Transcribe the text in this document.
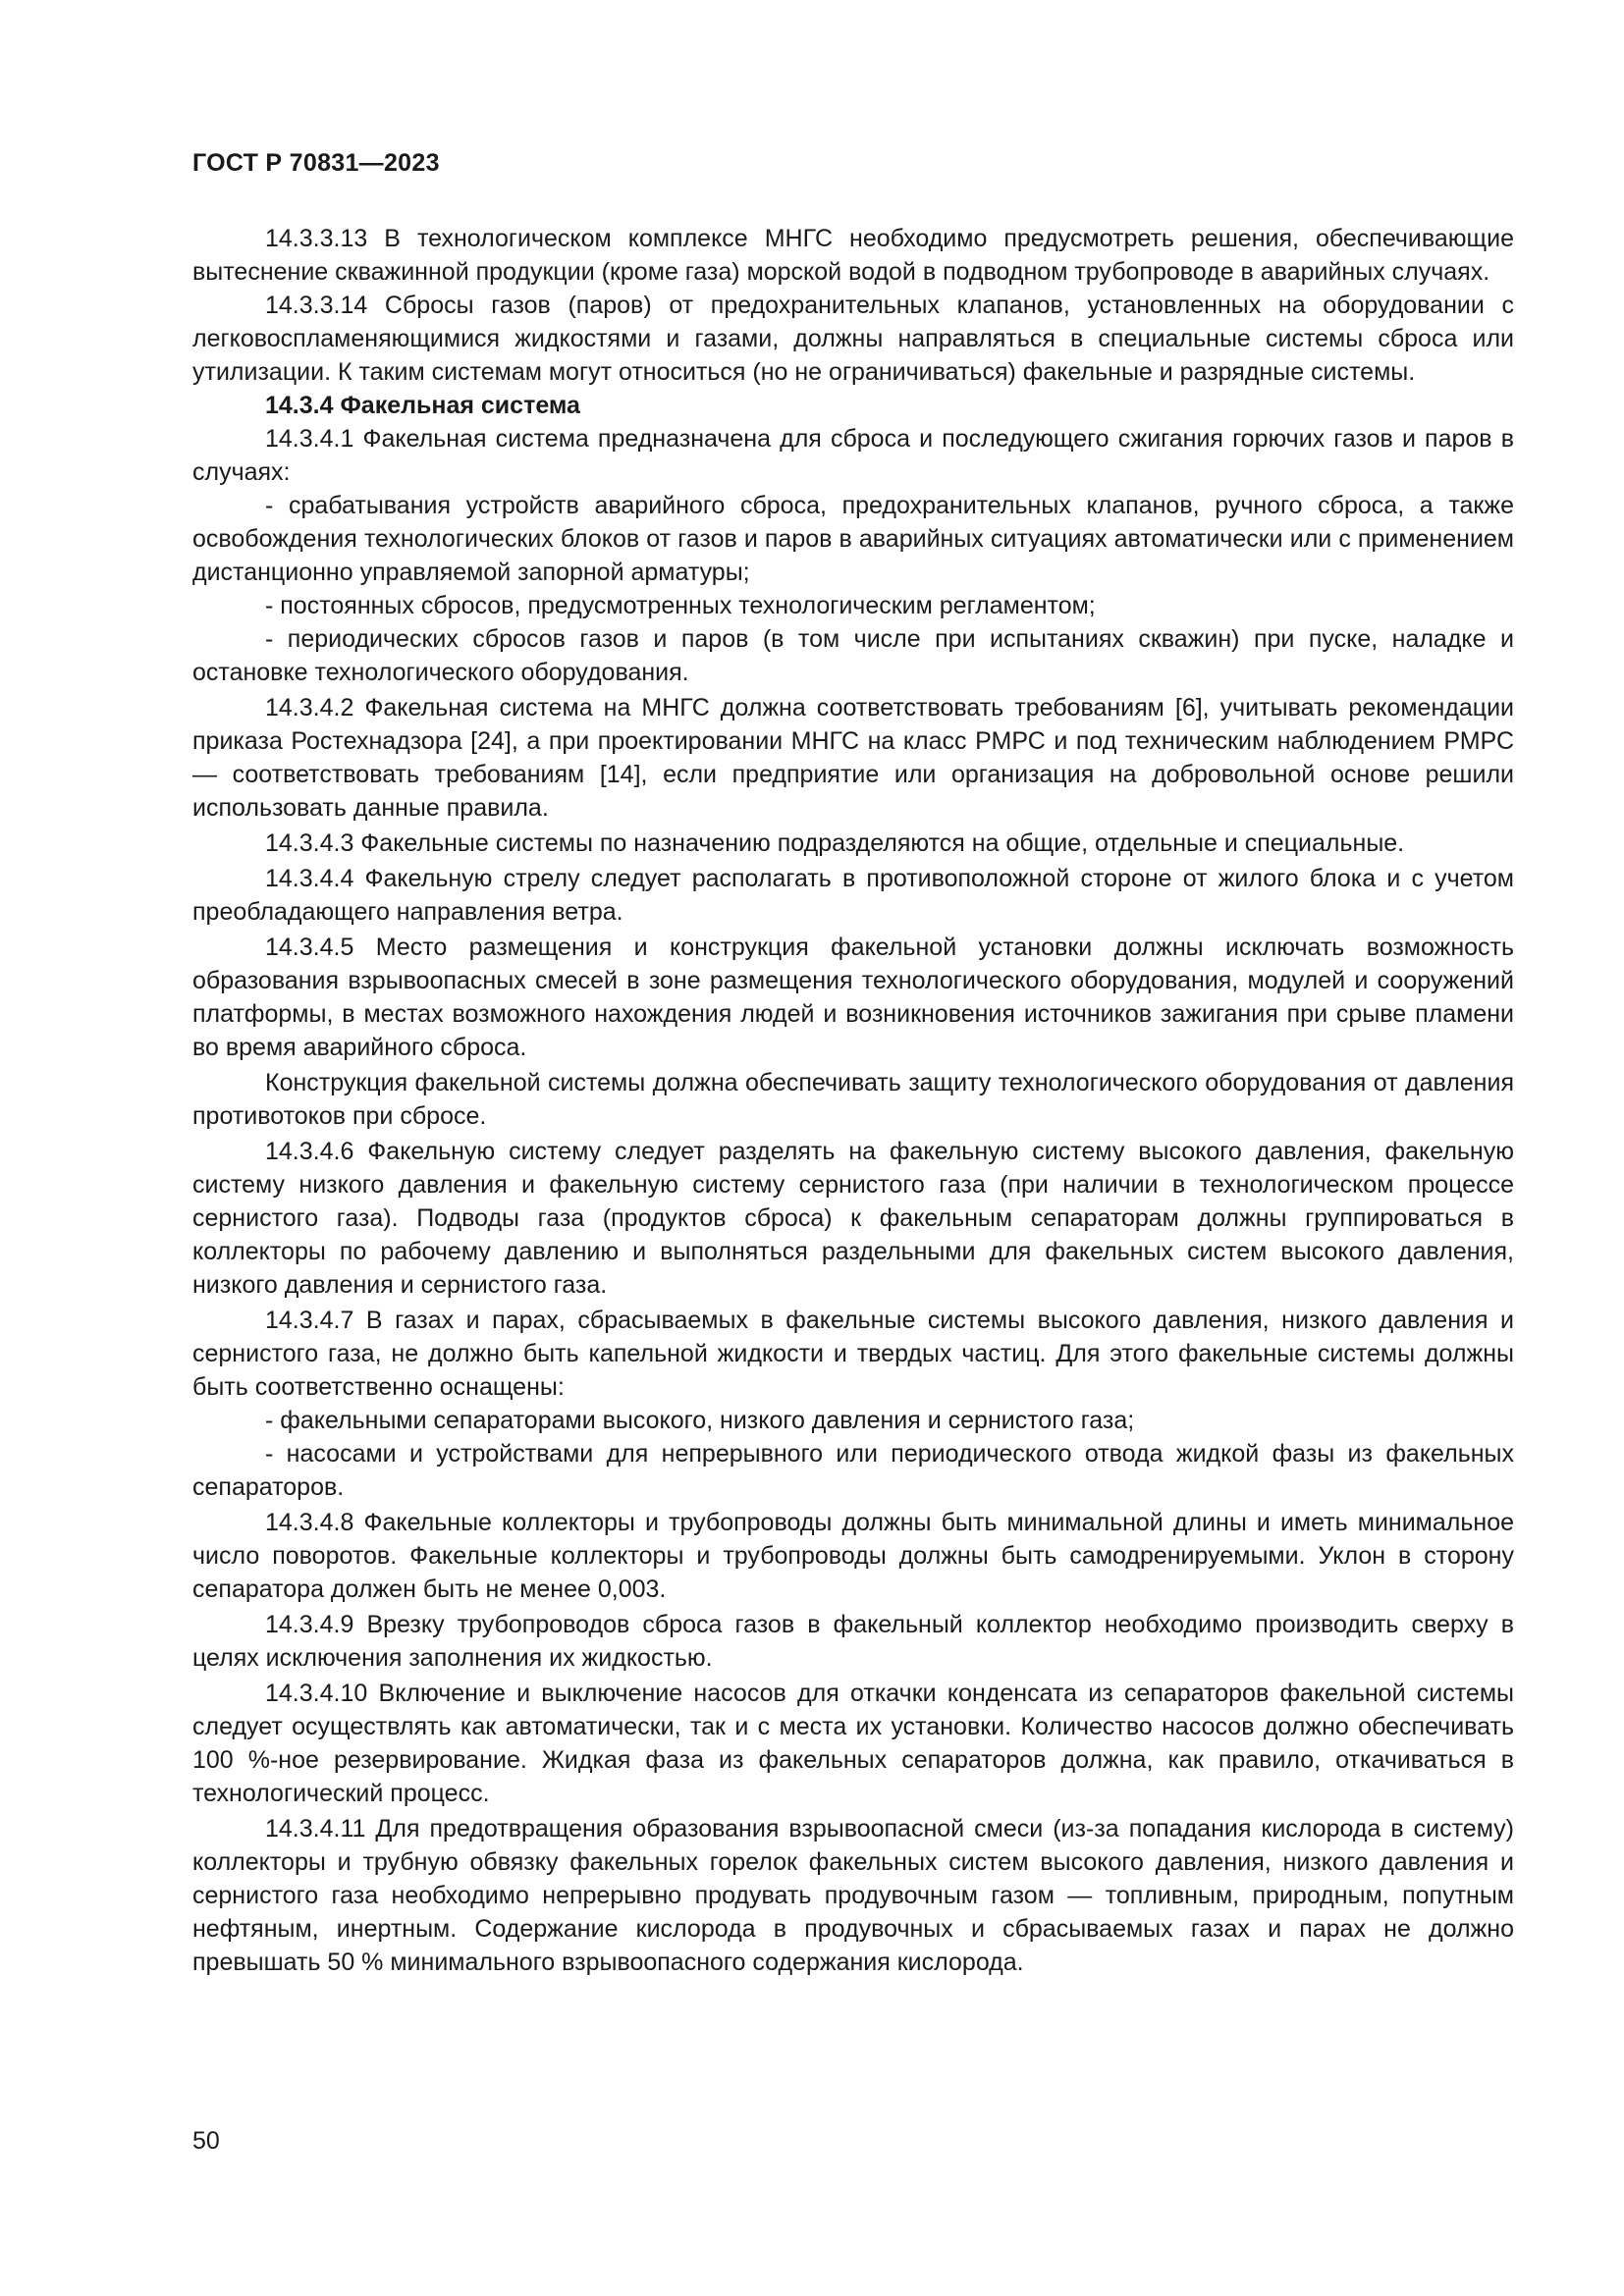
ГОСТ Р 70831—2023

14.3.3.13 В технологическом комплексе МНГС необходимо предусмотреть решения, обеспечивающие вытеснение скважинной продукции (кроме газа) морской водой в подводном трубопроводе в аварийных случаях.

14.3.3.14 Сбросы газов (паров) от предохранительных клапанов, установленных на оборудовании с легковоспламеняющимися жидкостями и газами, должны направляться в специальные системы сброса или утилизации. К таким системам могут относиться (но не ограничиваться) факельные и разрядные системы.

14.3.4 Факельная система

14.3.4.1 Факельная система предназначена для сброса и последующего сжигания горючих газов и паров в случаях:

- срабатывания устройств аварийного сброса, предохранительных клапанов, ручного сброса, а также освобождения технологических блоков от газов и паров в аварийных ситуациях автоматически или с применением дистанционно управляемой запорной арматуры;

- постоянных сбросов, предусмотренных технологическим регламентом;

- периодических сбросов газов и паров (в том числе при испытаниях скважин) при пуске, наладке и остановке технологического оборудования.

14.3.4.2 Факельная система на МНГС должна соответствовать требованиям [6], учитывать рекомендации приказа Ростехнадзора [24], а при проектировании МНГС на класс РМРС и под техническим наблюдением РМРС — соответствовать требованиям [14], если предприятие или организация на добровольной основе решили использовать данные правила.

14.3.4.3 Факельные системы по назначению подразделяются на общие, отдельные и специальные.

14.3.4.4 Факельную стрелу следует располагать в противоположной стороне от жилого блока и с учетом преобладающего направления ветра.

14.3.4.5 Место размещения и конструкция факельной установки должны исключать возможность образования взрывоопасных смесей в зоне размещения технологического оборудования, модулей и сооружений платформы, в местах возможного нахождения людей и возникновения источников зажигания при срыве пламени во время аварийного сброса.

Конструкция факельной системы должна обеспечивать защиту технологического оборудования от давления противотоков при сбросе.

14.3.4.6 Факельную систему следует разделять на факельную систему высокого давления, факельную систему низкого давления и факельную систему сернистого газа (при наличии в технологическом процессе сернистого газа). Подводы газа (продуктов сброса) к факельным сепараторам должны группироваться в коллекторы по рабочему давлению и выполняться раздельными для факельных систем высокого давления, низкого давления и сернистого газа.

14.3.4.7 В газах и парах, сбрасываемых в факельные системы высокого давления, низкого давления и сернистого газа, не должно быть капельной жидкости и твердых частиц. Для этого факельные системы должны быть соответственно оснащены:

- факельными сепараторами высокого, низкого давления и сернистого газа;

- насосами и устройствами для непрерывного или периодического отвода жидкой фазы из факельных сепараторов.

14.3.4.8 Факельные коллекторы и трубопроводы должны быть минимальной длины и иметь минимальное число поворотов. Факельные коллекторы и трубопроводы должны быть самодренируемыми. Уклон в сторону сепаратора должен быть не менее 0,003.

14.3.4.9 Врезку трубопроводов сброса газов в факельный коллектор необходимо производить сверху в целях исключения заполнения их жидкостью.

14.3.4.10 Включение и выключение насосов для откачки конденсата из сепараторов факельной системы следует осуществлять как автоматически, так и с места их установки. Количество насосов должно обеспечивать 100 %-ное резервирование. Жидкая фаза из факельных сепараторов должна, как правило, откачиваться в технологический процесс.

14.3.4.11 Для предотвращения образования взрывоопасной смеси (из-за попадания кислорода в систему) коллекторы и трубную обвязку факельных горелок факельных систем высокого давления, низкого давления и сернистого газа необходимо непрерывно продувать продувочным газом — топливным, природным, попутным нефтяным, инертным. Содержание кислорода в продувочных и сбрасываемых газах и парах не должно превышать 50 % минимального взрывоопасного содержания кислорода.

50
